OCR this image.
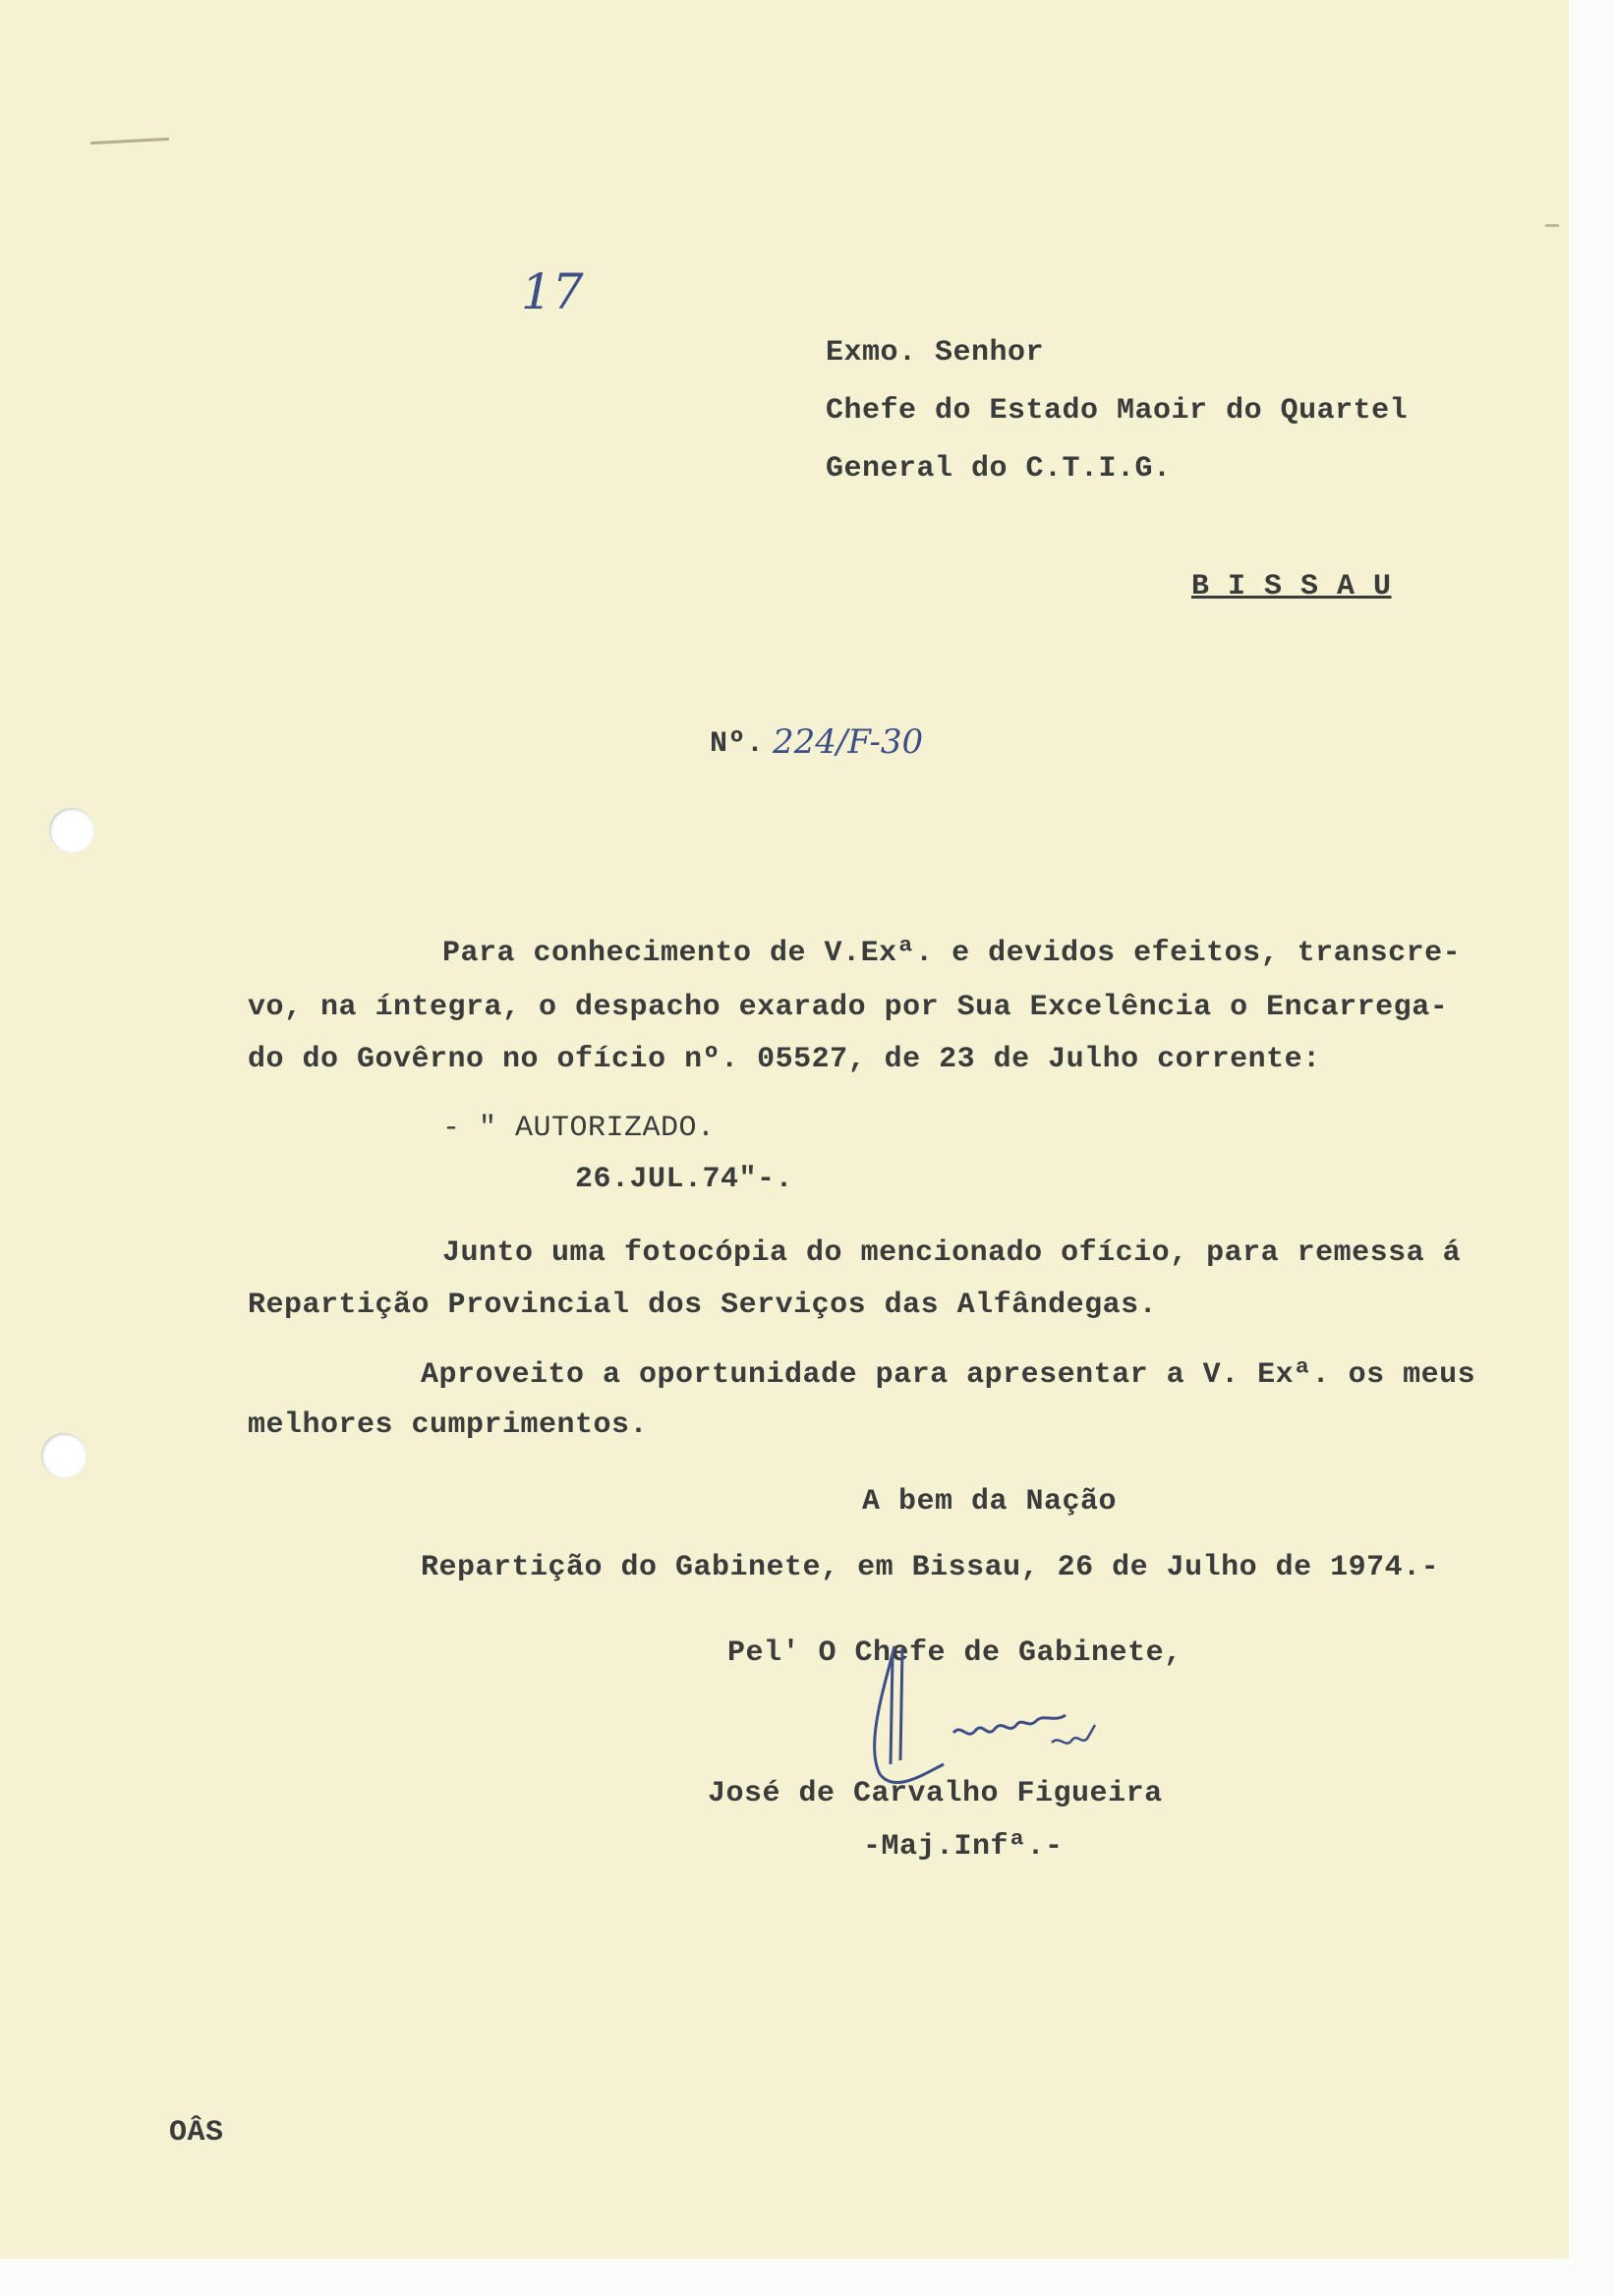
17
Exmo. Senhor
Chefe do Estado Maoir do Quartel
General do C.T.I.G.
B I S S A U
Nº. 224/F-30
Para conhecimento de V.Exª. e devidos efeitos, transcre-
vo, na íntegra, o despacho exarado por Sua Excelência o Encarrega-
do do Govêrno no ofício nº. 05527, de 23 de Julho corrente:
- " AUTORIZADO.
26.JUL.74"-.
Junto uma fotocópia do mencionado ofício, para remessa á
Repartição Provincial dos Serviços das Alfândegas.
Aproveito a oportunidade para apresentar a V. Exª. os meus
melhores cumprimentos.
A bem da Nação
Repartição do Gabinete, em Bissau, 26 de Julho de 1974.-
Pel' O Chefe de Gabinete,
José de Carvalho Figueira
-Maj.Infª.-
OÂS
